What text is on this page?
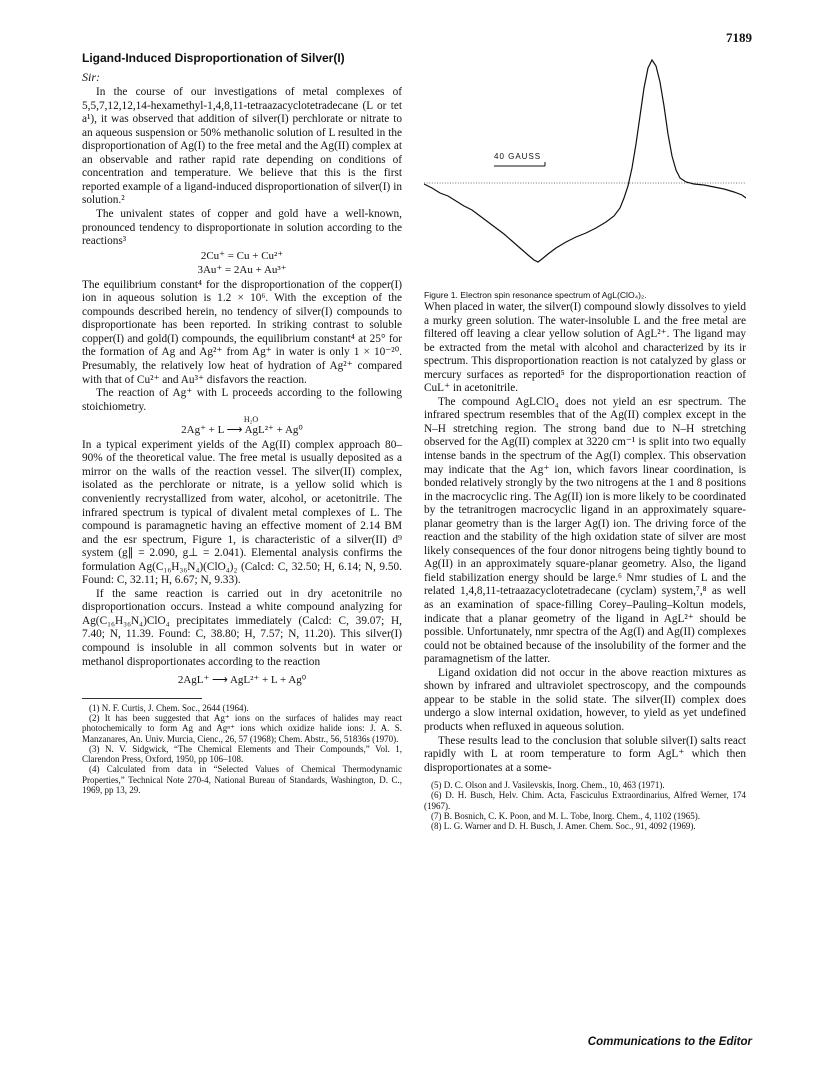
7189
Ligand-Induced Disproportionation of Silver(I)
Sir:

In the course of our investigations of metal complexes of 5,5,7,12,12,14-hexamethyl-1,4,8,11-tetraazacyclotetradecane (L or tet a¹), it was observed that addition of silver(I) perchlorate or nitrate to an aqueous suspension or 50% methanolic solution of L resulted in the disproportionation of Ag(I) to the free metal and the Ag(II) complex at an observable and rather rapid rate depending on conditions of concentration and temperature. We believe that this is the first reported example of a ligand-induced disproportionation of silver(I) in solution.²

The univalent states of copper and gold have a well-known, pronounced tendency to disproportionate in solution according to the reactions³

2Cu⁺ = Cu + Cu²⁺
3Au⁺ = 2Au + Au³⁺

The equilibrium constant⁴ for the disproportionation of the copper(I) ion in aqueous solution is 1.2 × 10⁶. With the exception of the compounds described herein, no tendency of silver(I) compounds to disproportionate has been reported. In striking contrast to soluble copper(I) and gold(I) compounds, the equilibrium constant⁴ at 25° for the formation of Ag and Ag²⁺ from Ag⁺ in water is only 1 × 10⁻²⁰. Presumably, the relatively low heat of hydration of Ag²⁺ compared with that of Cu²⁺ and Au³⁺ disfavors the reaction.

The reaction of Ag⁺ with L proceeds according to the following stoichiometry.

H₂O
2Ag⁺ + L ⟶ AgL²⁺ + Ag⁰

In a typical experiment yields of the Ag(II) complex approach 80–90% of the theoretical value. The free metal is usually deposited as a mirror on the walls of the reaction vessel. The silver(II) complex, isolated as the perchlorate or nitrate, is a yellow solid which is conveniently recrystallized from water, alcohol, or acetonitrile. The infrared spectrum is typical of divalent metal complexes of L. The compound is paramagnetic having an effective moment of 2.14 BM and the esr spectrum, Figure 1, is characteristic of a silver(II) d⁹ system (g∥ = 2.090, g⊥ = 2.041). Elemental analysis confirms the formulation Ag(C₁₆H₃₆N₄)(ClO₄)₂ (Calcd: C, 32.50; H, 6.14; N, 9.50. Found: C, 32.11; H, 6.67; N, 9.33).

If the same reaction is carried out in dry acetonitrile no disproportionation occurs. Instead a white compound analyzing for Ag(C₁₆H₃₆N₄)ClO₄ precipitates immediately (Calcd: C, 39.07; H, 7.40; N, 11.39. Found: C, 38.80; H, 7.57; N, 11.20). This silver(I) compound is insoluble in all common solvents but in water or methanol disproportionates according to the reaction

2AgL⁺ ⟶ AgL²⁺ + L + Ag⁰

(1) N. F. Curtis, J. Chem. Soc., 2644 (1964).

(2) It has been suggested that Ag⁺ ions on the surfaces of halides may react photochemically to form Ag and Agⁿ⁺ ions which oxidize halide ions: J. A. S. Manzanares, An. Univ. Murcia, Cienc., 26, 57 (1968); Chem. Abstr., 56, 51836s (1970).

(3) N. V. Sidgwick, “The Chemical Elements and Their Compounds,” Vol. 1, Clarendon Press, Oxford, 1950, pp 106–108.

(4) Calculated from data in “Selected Values of Chemical Thermodynamic Properties,” Technical Note 270-4, National Bureau of Standards, Washington, D. C., 1969, pp 13, 29.

40 GAUSS
Figure 1. Electron spin resonance spectrum of AgL(ClO₄)₂.

When placed in water, the silver(I) compound slowly dissolves to yield a murky green solution. The water-insoluble L and the free metal are filtered off leaving a clear yellow solution of AgL²⁺. The ligand may be extracted from the metal with alcohol and characterized by its ir spectrum. This disproportionation reaction is not catalyzed by glass or mercury surfaces as reported⁵ for the disproportionation reaction of CuL⁺ in acetonitrile.

The compound AgLClO₄ does not yield an esr spectrum. The infrared spectrum resembles that of the Ag(II) complex except in the N–H stretching region. The strong band due to N–H stretching observed for the Ag(II) complex at 3220 cm⁻¹ is split into two equally intense bands in the spectrum of the Ag(I) complex. This observation may indicate that the Ag⁺ ion, which favors linear coordination, is bonded relatively strongly by the two nitrogens at the 1 and 8 positions in the macrocyclic ring. The Ag(II) ion is more likely to be coordinated by the tetranitrogen macrocyclic ligand in an approximately square-planar geometry than is the larger Ag(I) ion. The driving force of the reaction and the stability of the high oxidation state of silver are most likely consequences of the four donor nitrogens being tightly bound to Ag(II) in an approximately square-planar geometry. Also, the ligand field stabilization energy should be large.⁶ Nmr studies of L and the related 1,4,8,11-tetraazacyclotetradecane (cyclam) system,⁷,⁸ as well as an examination of space-filling Corey–Pauling–Koltun models, indicate that a planar geometry of the ligand in AgL²⁺ should be possible. Unfortunately, nmr spectra of the Ag(I) and Ag(II) complexes could not be obtained because of the insolubility of the former and the paramagnetism of the latter.

Ligand oxidation did not occur in the above reaction mixtures as shown by infrared and ultraviolet spectroscopy, and the compounds appear to be stable in the solid state. The silver(II) complex does undergo a slow internal oxidation, however, to yield as yet undefined products when refluxed in aqueous solution.

These results lead to the conclusion that soluble silver(I) salts react rapidly with L at room temperature to form AgL⁺ which then disproportionates at a some-

(5) D. C. Olson and J. Vasilevskis, Inorg. Chem., 10, 463 (1971).

(6) D. H. Busch, Helv. Chim. Acta, Fasciculus Extraordinarius, Alfred Werner, 174 (1967).

(7) B. Bosnich, C. K. Poon, and M. L. Tobe, Inorg. Chem., 4, 1102 (1965).

(8) L. G. Warner and D. H. Busch, J. Amer. Chem. Soc., 91, 4092 (1969).

Communications to the Editor
